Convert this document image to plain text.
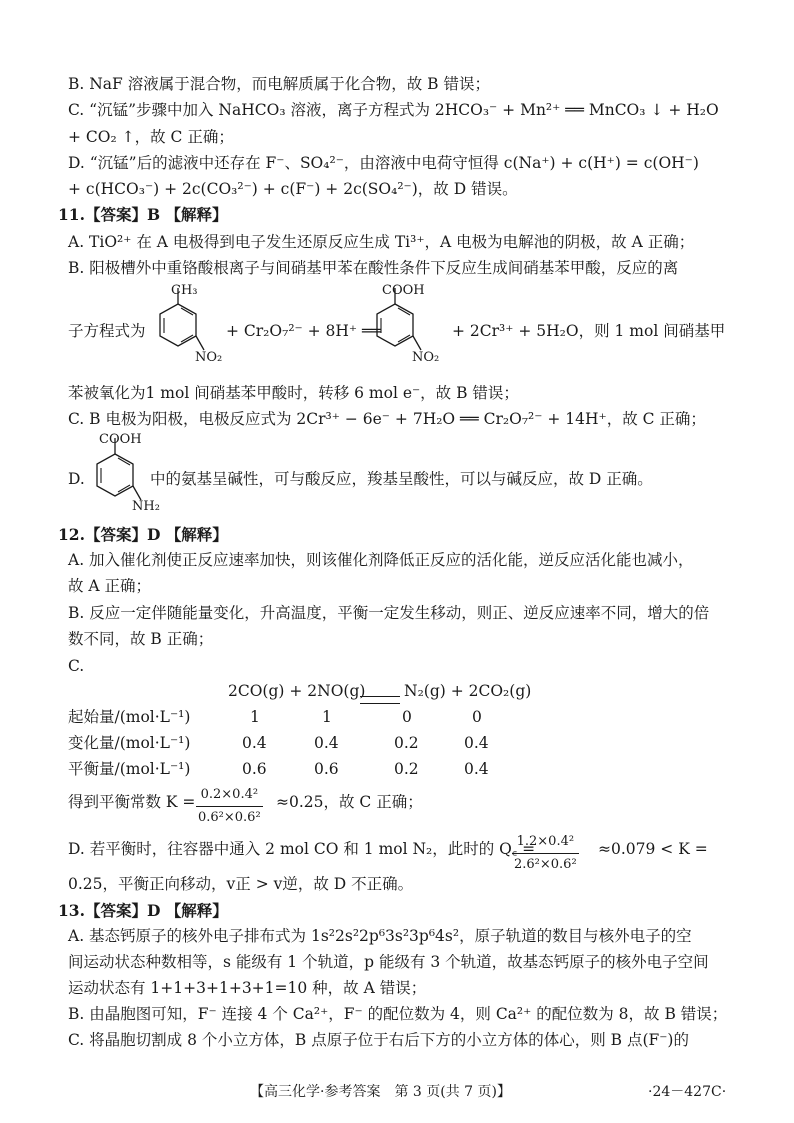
B. NaF 溶液属于混合物，而电解质属于化合物，故 B 错误；
C. “沉锰”步骤中加入 NaHCO₃ 溶液，离子方程式为 2HCO₃⁻ + Mn²⁺ ══ MnCO₃ ↓ + H₂O
+ CO₂ ↑，故 C 正确；
D. “沉锰”后的滤液中还存在 F⁻、SO₄²⁻，由溶液中电荷守恒得 c(Na⁺) + c(H⁺) = c(OH⁻)
+ c(HCO₃⁻) + 2c(CO₃²⁻) + c(F⁻) + 2c(SO₄²⁻)，故 D 错误。
11.【答案】B 【解释】
A. TiO²⁺ 在 A 电极得到电子发生还原反应生成 Ti³⁺，A 电极为电解池的阴极，故 A 正确；
B. 阳极槽外中重铬酸根离子与间硝基甲苯在酸性条件下反应生成间硝基苯甲酸，反应的离
CH₃
NO₂
COOH
NO₂
子方程式为	+ Cr₂O₇²⁻ + 8H⁺ ══	+ 2Cr³⁺ + 5H₂O，则 1 mol 间硝基甲
苯被氧化为1 mol 间硝基苯甲酸时，转移 6 mol e⁻，故 B 错误；
C. B 电极为阳极，电极反应式为 2Cr³⁺ − 6e⁻ + 7H₂O ══ Cr₂O₇²⁻ + 14H⁺，故 C 正确；
COOH
NH₂
D.	中的氨基呈碱性，可与酸反应，羧基呈酸性，可以与碱反应，故 D 正确。
12.【答案】D 【解释】
A. 加入催化剂使正反应速率加快，则该催化剂降低正反应的活化能，逆反应活化能也减小，
故 A 正确；
B. 反应一定伴随能量变化，升高温度，平衡一定发生移动，则正、逆反应速率不同，增大的倍
数不同，故 B 正确；
C.
2CO(g) + 2NO(g) N₂(g) + 2CO₂(g)
起始量/(mol·L⁻¹)	1	1	0	0
变化量/(mol·L⁻¹)	0.4	0.4	0.2	0.4
平衡量/(mol·L⁻¹)	0.6	0.6	0.2	0.4
得到平衡常数 $K = \frac{\text{0.2×0.4²}}{\text{0.6²×0.6²}} \approx 0.25$，故 C 正确；
D. 若平衡时，往容器中通入 2 mol CO 和 1 mol N₂，此时的 Q꜀ =
$\frac{\text{1.2×0.4²}}{\text{2.6²×0.6²}} \approx 0.079 < K$ =
0.25，平衡正向移动，v正 > v逆，故 D 不正确。
13.【答案】D 【解释】
A. 基态钙原子的核外电子排布式为 1s²2s²2p⁶3s²3p⁶4s²，原子轨道的数目与核外电子的空
间运动状态种数相等，s 能级有 1 个轨道，p 能级有 3 个轨道，故基态钙原子的核外电子空间
运动状态有 1+1+3+1+3+1=10 种，故 A 错误；
B. 由晶胞图可知，F⁻ 连接 4 个 Ca²⁺，F⁻ 的配位数为 4，则 Ca²⁺ 的配位数为 8，故 B 错误；
C. 将晶胞切割成 8 个小立方体，B 点原子位于右后下方的小立方体的体心，则 B 点(F⁻)的
【高三化学·参考答案　第 3 页(共 7 页)】	·24－427C·
